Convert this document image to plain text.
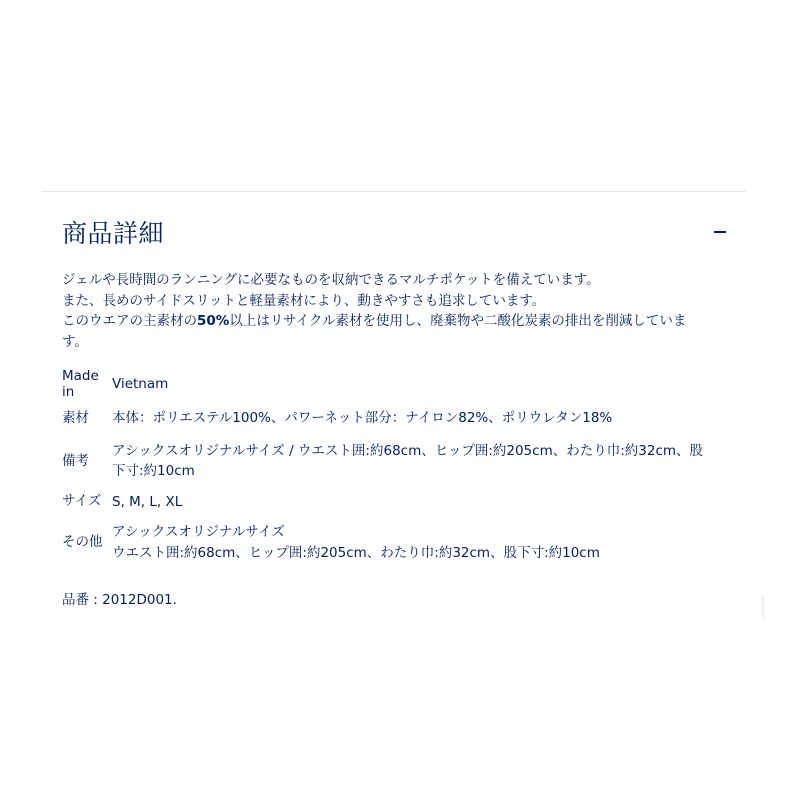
商品詳細

ジェルや長時間のランニングに必要なものを収納できるマルチポケットを備えています。

また、長めのサイドスリットと軽量素材により、動きやすさも追求しています。

このウエアの主素材の50%以上はリサイクル素材を使用し、廃棄物や二酸化炭素の排出を削減していま

す。

Made
in
Vietnam
素材	本体：ポリエステル100%、パワーネット部分：ナイロン82%、ポリウレタン18%
備考
アシックスオリジナルサイズ / ウエスト囲:約68cm、ヒップ囲:約205cm、わたり巾:約32cm、股
下寸:約10cm
サイズ S, M, L, XL
その他
アシックスオリジナルサイズ
ウエスト囲:約68cm、ヒップ囲:約205cm、わたり巾:約32cm、股下寸:約10cm
品番 : 2012D001.
